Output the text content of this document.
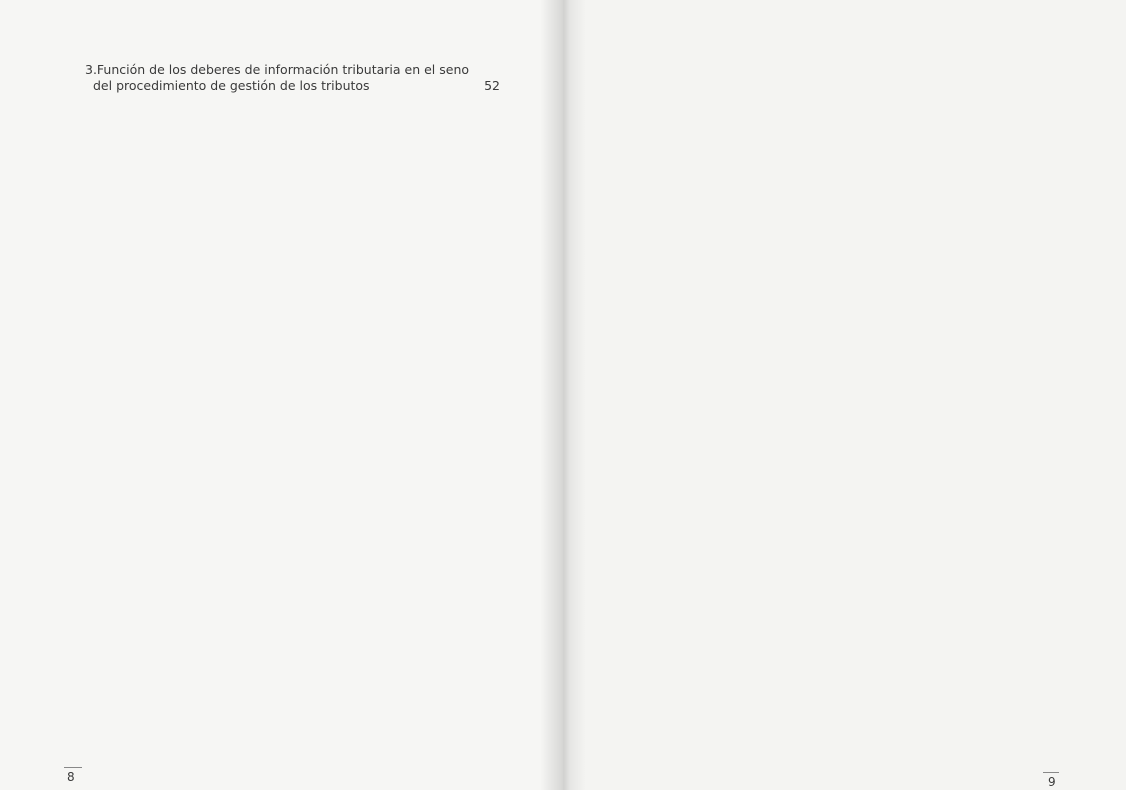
8
3.Función de los deberes de información tributaria en el seno
del procedimiento de gestión de los tributos	52
9
